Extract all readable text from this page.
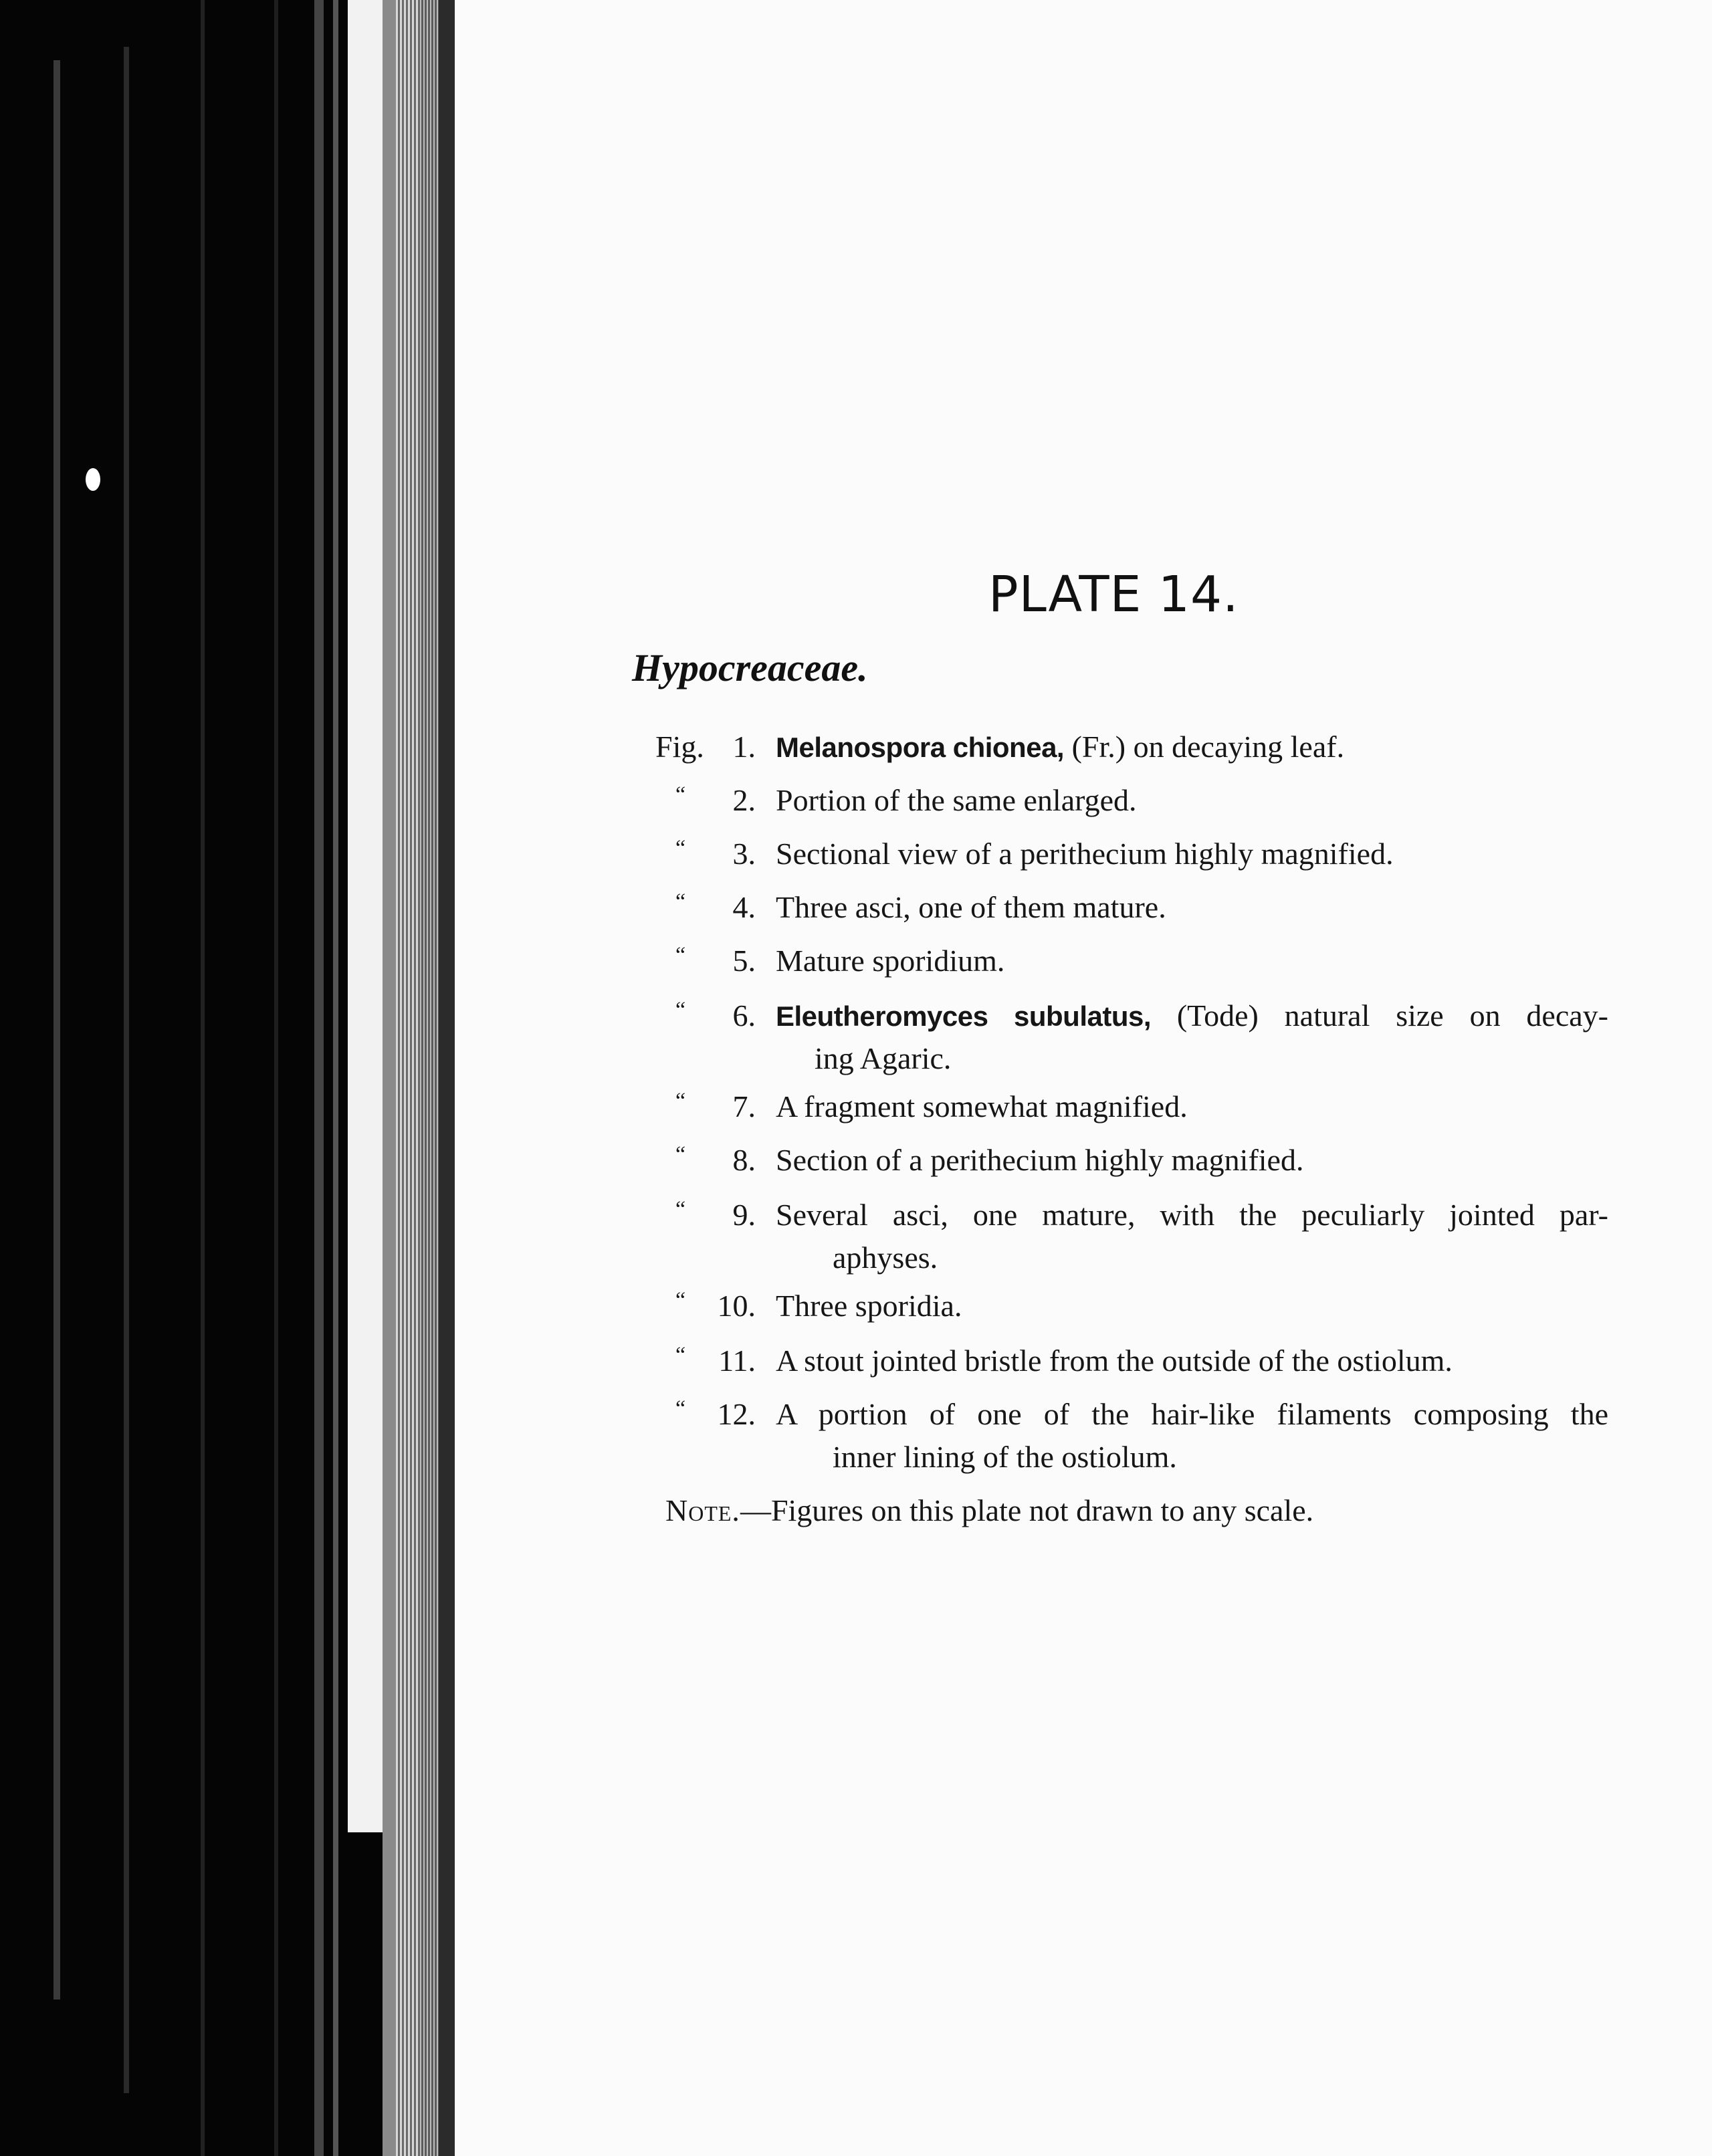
PLATE 14.
Hypocreaceae.
Fig. 1. Melanospora chionea, (Fr.) on decaying leaf.
“ 2. Portion of the same enlarged.
“ 3. Sectional view of a perithecium highly magnified.
“ 4. Three asci, one of them mature.
“ 5. Mature sporidium.
“ 6. Eleutheromyces subulatus, (Tode) natural size on decay-
ing Agaric.
“ 7. A fragment somewhat magnified.
“ 8. Section of a perithecium highly magnified.
“ 9. Several asci, one mature, with the peculiarly jointed par-
aphyses.
“ 10. Three sporidia.
“ 11. A stout jointed bristle from the outside of the ostiolum.
“ 12. A portion of one of the hair-like filaments composing the
inner lining of the ostiolum.
Note.—Figures on this plate not drawn to any scale.
